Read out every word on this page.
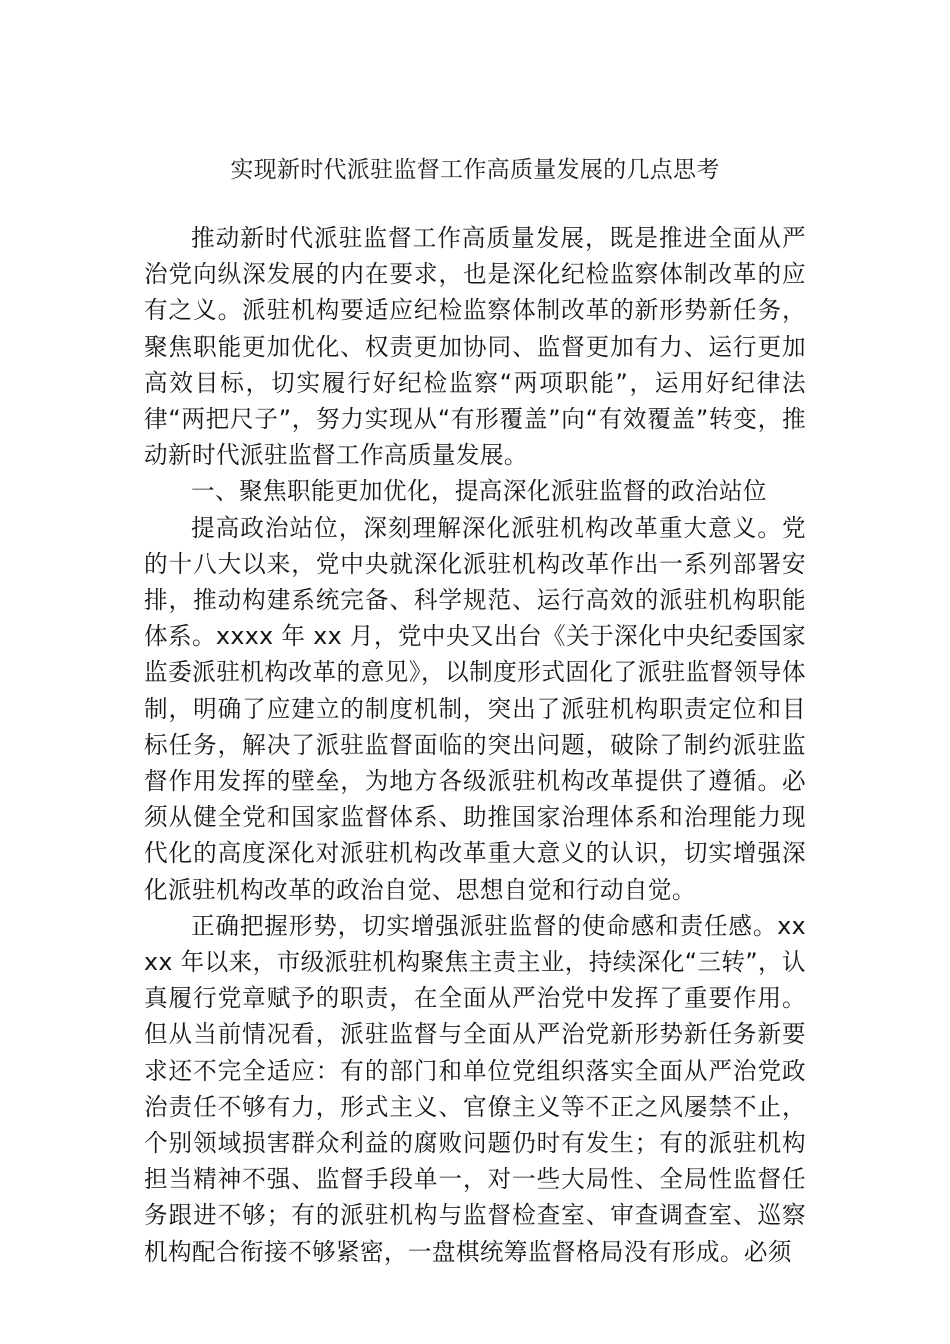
实现新时代派驻监督工作高质量发展的几点思考

推动新时代派驻监督工作高质量发展，既是推进全面从严治党向纵深发展的内在要求，也是深化纪检监察体制改革的应有之义。派驻机构要适应纪检监察体制改革的新形势新任务，聚焦职能更加优化、权责更加协同、监督更加有力、运行更加高效目标，切实履行好纪检监察“两项职能”，运用好纪律法律“两把尺子”，努力实现从“有形覆盖”向“有效覆盖”转变，推动新时代派驻监督工作高质量发展。

一、聚焦职能更加优化，提高深化派驻监督的政治站位

提高政治站位，深刻理解深化派驻机构改革重大意义。党的十八大以来，党中央就深化派驻机构改革作出一系列部署安排，推动构建系统完备、科学规范、运行高效的派驻机构职能体系。xxxx 年 xx 月，党中央又出台《关于深化中央纪委国家监委派驻机构改革的意见》，以制度形式固化了派驻监督领导体制，明确了应建立的制度机制，突出了派驻机构职责定位和目标任务，解决了派驻监督面临的突出问题，破除了制约派驻监督作用发挥的壁垒，为地方各级派驻机构改革提供了遵循。必须从健全党和国家监督体系、助推国家治理体系和治理能力现代化的高度深化对派驻机构改革重大意义的认识，切实增强深化派驻机构改革的政治自觉、思想自觉和行动自觉。

正确把握形势，切实增强派驻监督的使命感和责任感。xxxx 年以来，市级派驻机构聚焦主责主业，持续深化“三转”，认真履行党章赋予的职责，在全面从严治党中发挥了重要作用。但从当前情况看，派驻监督与全面从严治党新形势新任务新要求还不完全适应：有的部门和单位党组织落实全面从严治党政治责任不够有力，形式主义、官僚主义等不正之风屡禁不止，个别领域损害群众利益的腐败问题仍时有发生；有的派驻机构担当精神不强、监督手段单一，对一些大局性、全局性监督任务跟进不够；有的派驻机构与监督检查室、审查调查室、巡察机构配合衔接不够紧密，一盘棋统筹监督格局没有形成。必须
